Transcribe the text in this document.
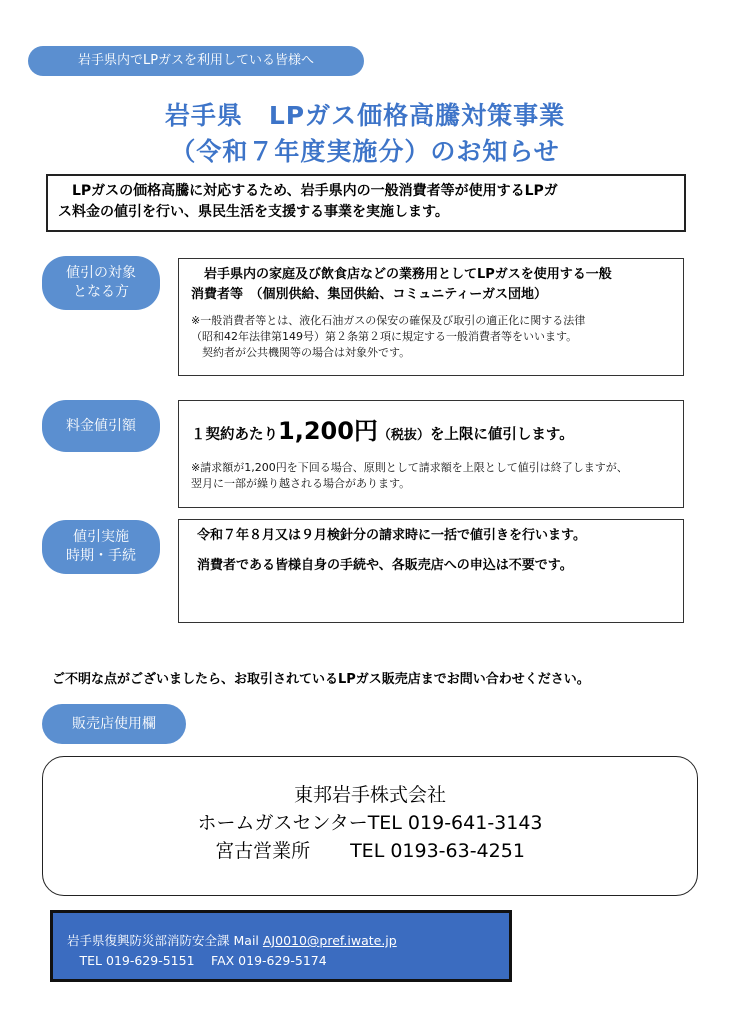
岩手県内でLPガスを利用している皆様へ
岩手県　LPガス価格高騰対策事業
（令和７年度実施分）のお知らせ
　LPガスの価格高騰に対応するため、岩手県内の一般消費者等が使用するLPガ
ス料金の値引を行い、県民生活を支援する事業を実施します。
値引の対象
となる方
　岩手県内の家庭及び飲食店などの業務用としてLPガスを使用する一般
消費者等　（個別供給、集団供給、コミュニティーガス団地）
※一般消費者等とは、液化石油ガスの保安の確保及び取引の適正化に関する法律
（昭和42年法律第149号）第２条第２項に規定する一般消費者等をいいます。
　契約者が公共機関等の場合は対象外です。
料金値引額
１契約あたり1,200円（税抜）を上限に値引します。
※請求額が1,200円を下回る場合、原則として請求額を上限として値引は終了しますが、
翌月に一部が繰り越される場合があります。
値引実施
時期・手続
令和７年８月又は９月検針分の請求時に一括で値引きを行います。
消費者である皆様自身の手続や、各販売店への申込は不要です。
ご不明な点がございましたら、お取引されているLPガス販売店までお問い合わせください。
販売店使用欄
東邦岩手株式会社
ホームガスセンターTEL 019-641-3143
宮古営業所 TEL 0193-63-4251
岩手県復興防災部消防安全課 Mail AJ0010@pref.iwate.jp
　TEL 019-629-5151　 FAX 019-629-5174
